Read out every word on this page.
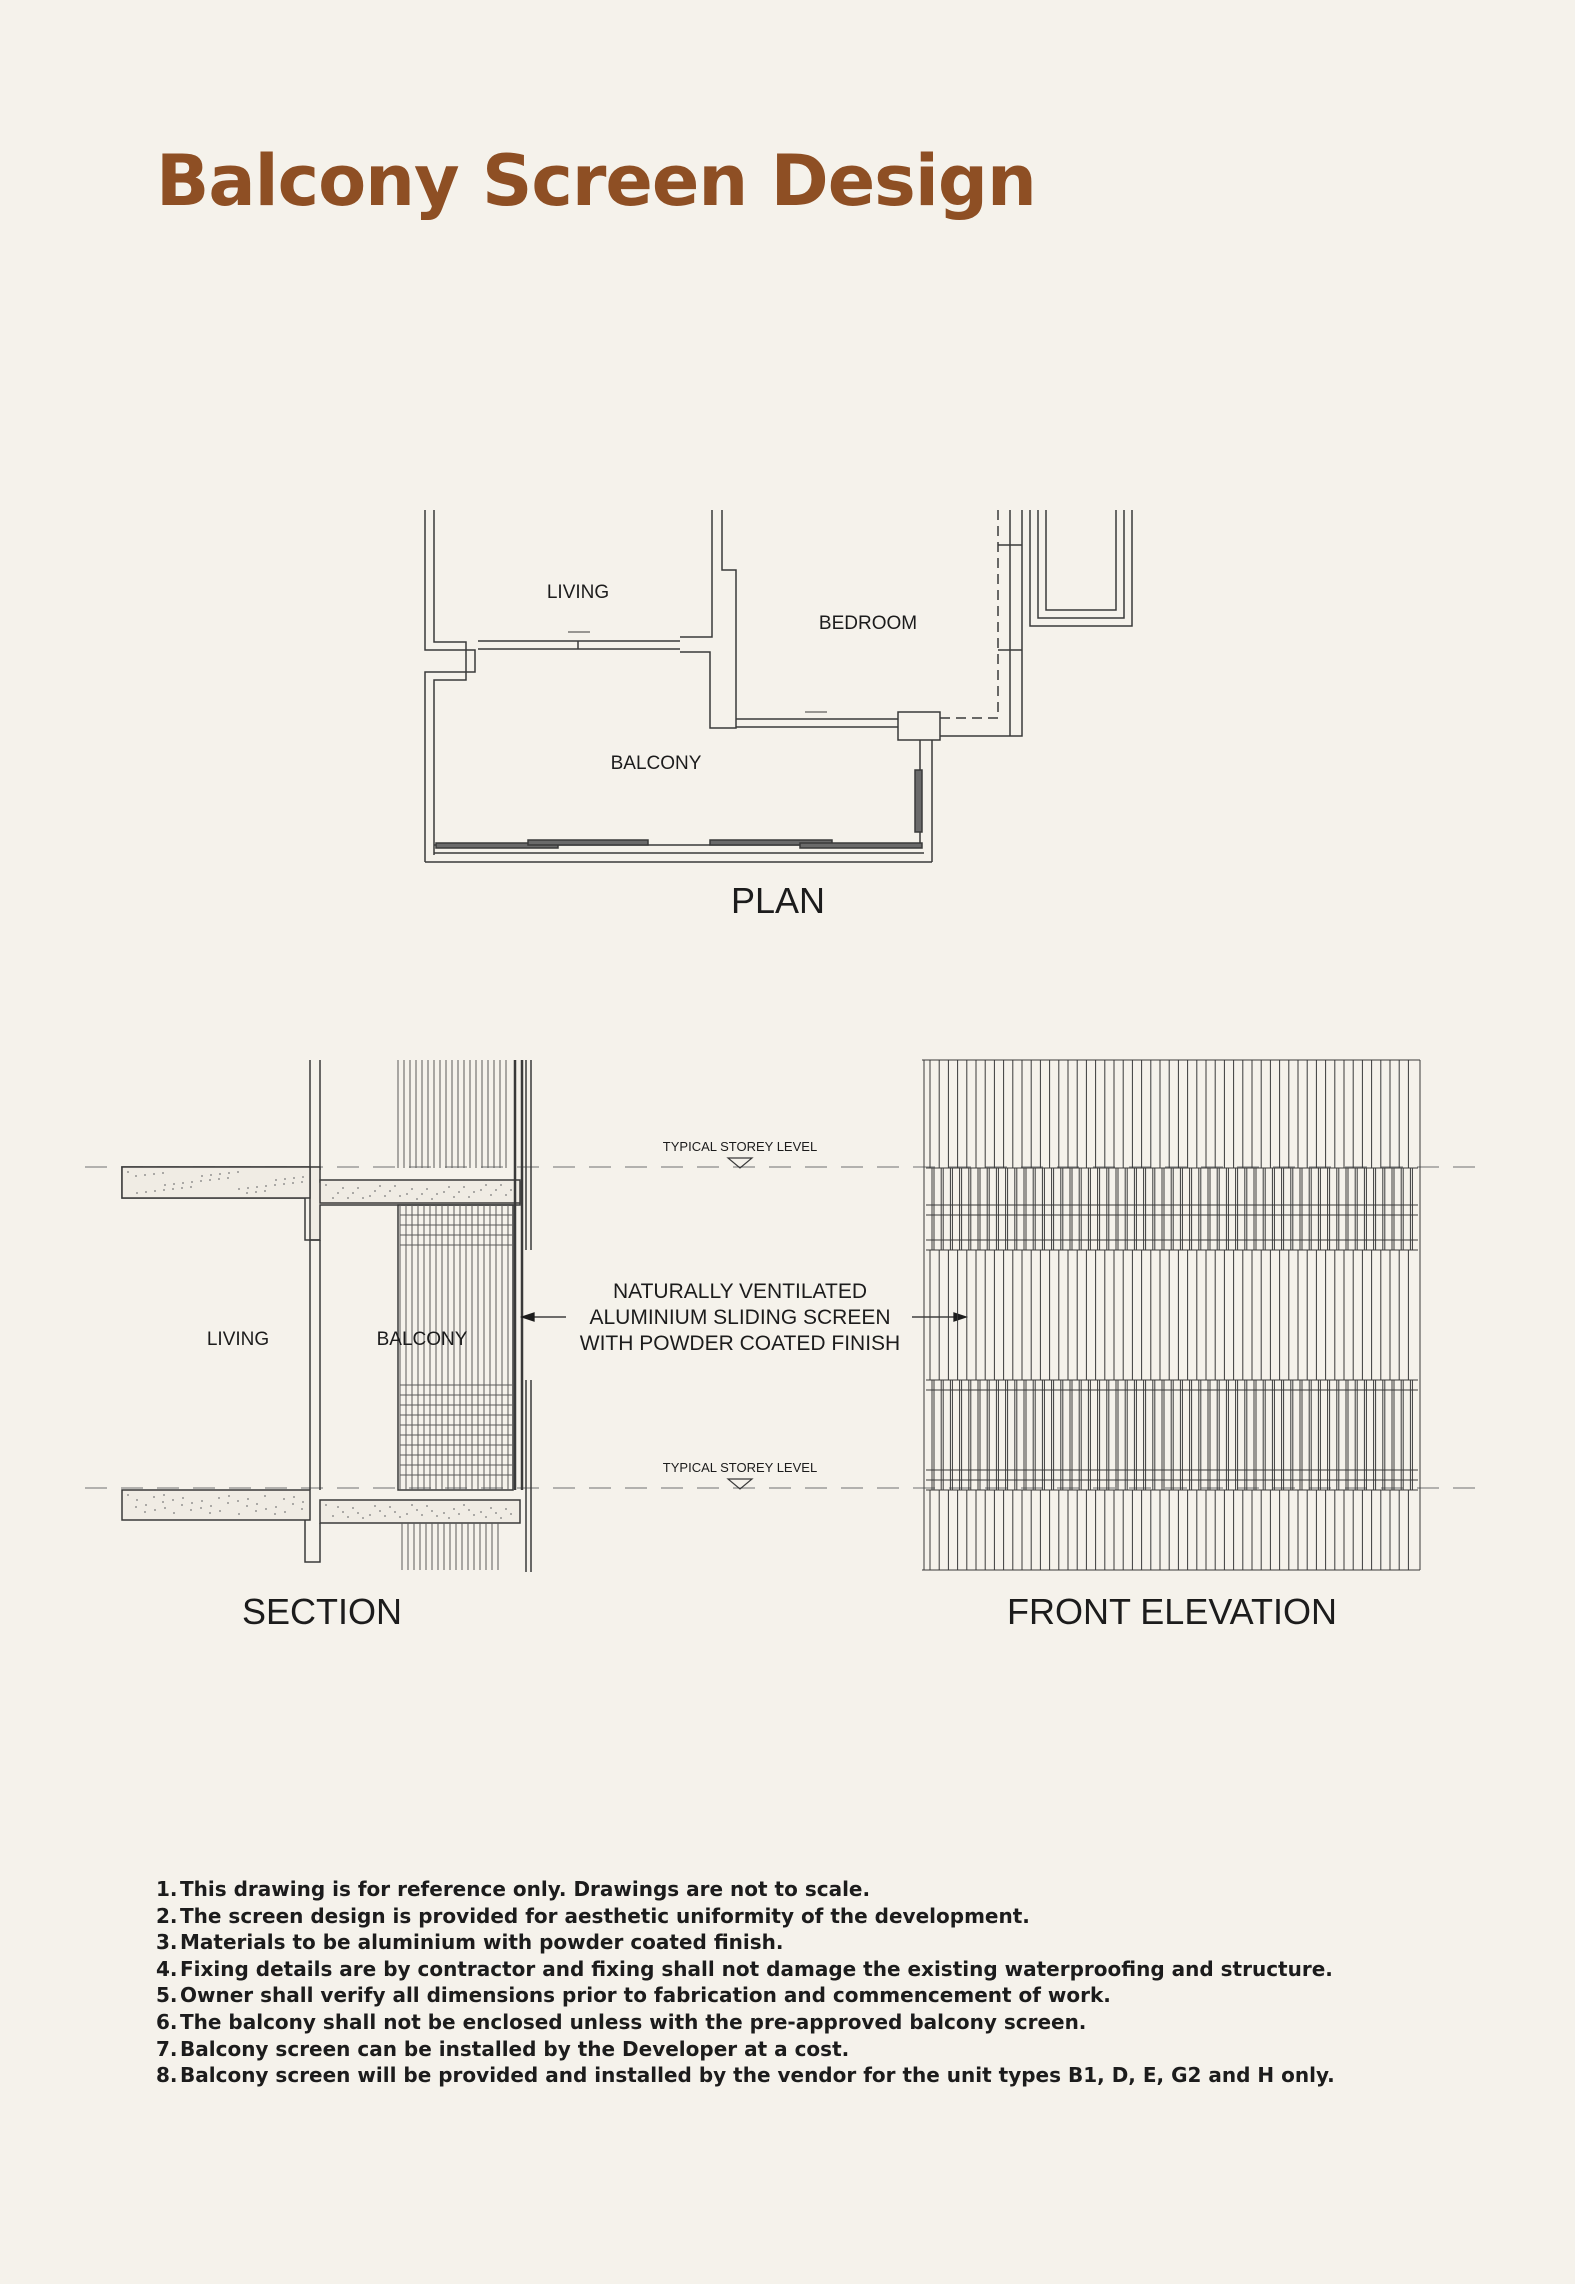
Balcony Screen Design
LIVING
BEDROOM
BALCONY
PLAN
TYPICAL STOREY LEVEL
TYPICAL STOREY LEVEL
NATURALLY VENTILATED
ALUMINIUM SLIDING SCREEN
WITH POWDER COATED FINISH
LIVING	BALCONY
SECTION	FRONT ELEVATION
1. This drawing is for reference only. Drawings are not to scale.
2. The screen design is provided for aesthetic uniformity of the development.
3. Materials to be aluminium with powder coated finish.
4. Fixing details are by contractor and fixing shall not damage the existing waterproofing and structure.
5. Owner shall verify all dimensions prior to fabrication and commencement of work.
6. The balcony shall not be enclosed unless with the pre-approved balcony screen.
7. Balcony screen can be installed by the Developer at a cost.
8. Balcony screen will be provided and installed by the vendor for the unit types B1, D, E, G2 and H only.
